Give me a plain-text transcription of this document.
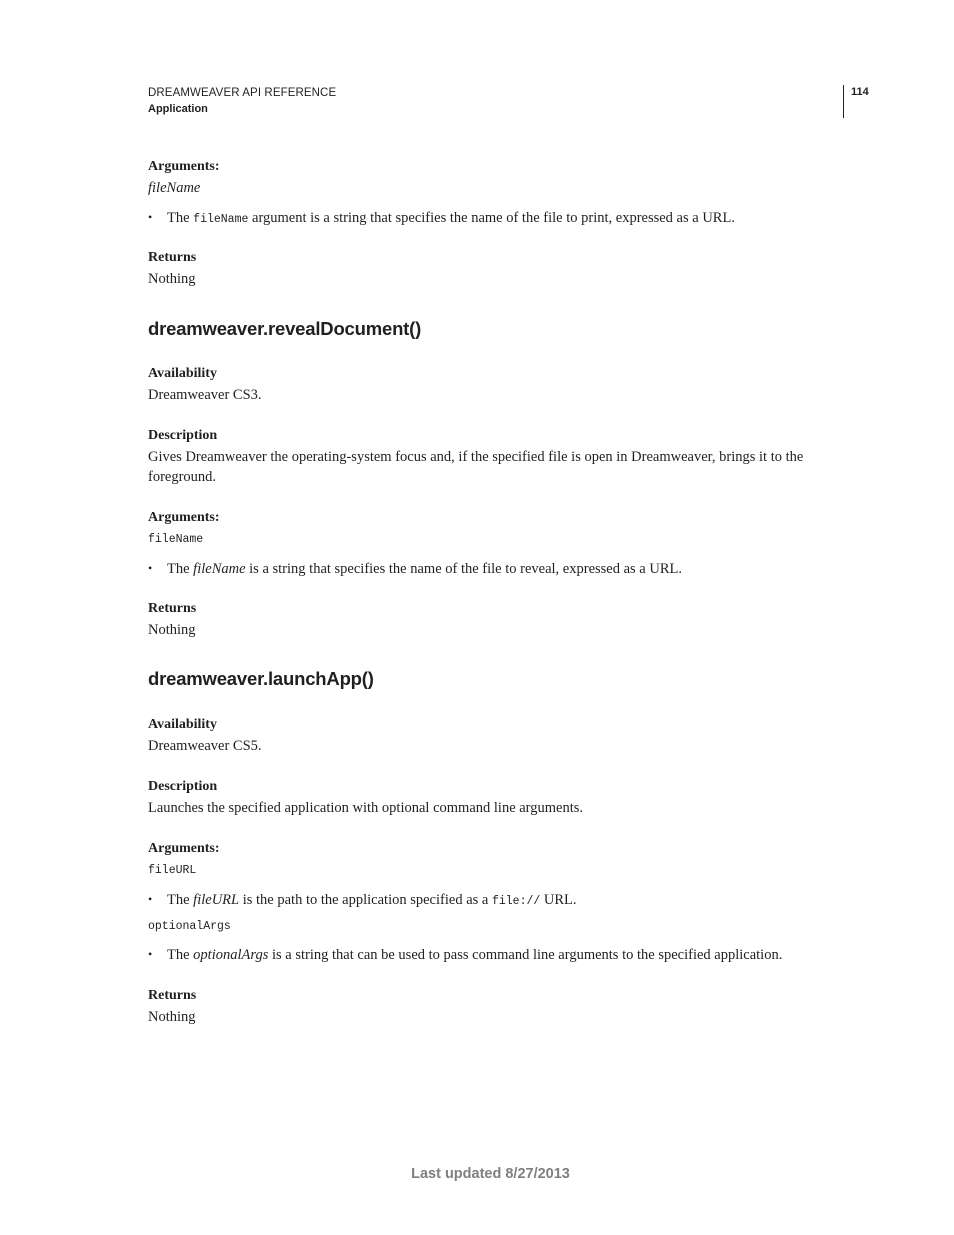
DREAMWEAVER API REFERENCE
Application
114
Arguments:
fileName
• The fileName argument is a string that specifies the name of the file to print, expressed as a URL.
Returns
Nothing
dreamweaver.revealDocument()
Availability
Dreamweaver CS3.
Description
Gives Dreamweaver the operating-system focus and, if the specified file is open in Dreamweaver, brings it to the foreground.
Arguments:
fileName
• The fileName is a string that specifies the name of the file to reveal, expressed as a URL.
Returns
Nothing
dreamweaver.launchApp()
Availability
Dreamweaver CS5.
Description
Launches the specified application with optional command line arguments.
Arguments:
fileURL
• The fileURL is the path to the application specified as a file:// URL.
optionalArgs
• The optionalArgs is a string that can be used to pass command line arguments to the specified application.
Returns
Nothing
Last updated 8/27/2013
